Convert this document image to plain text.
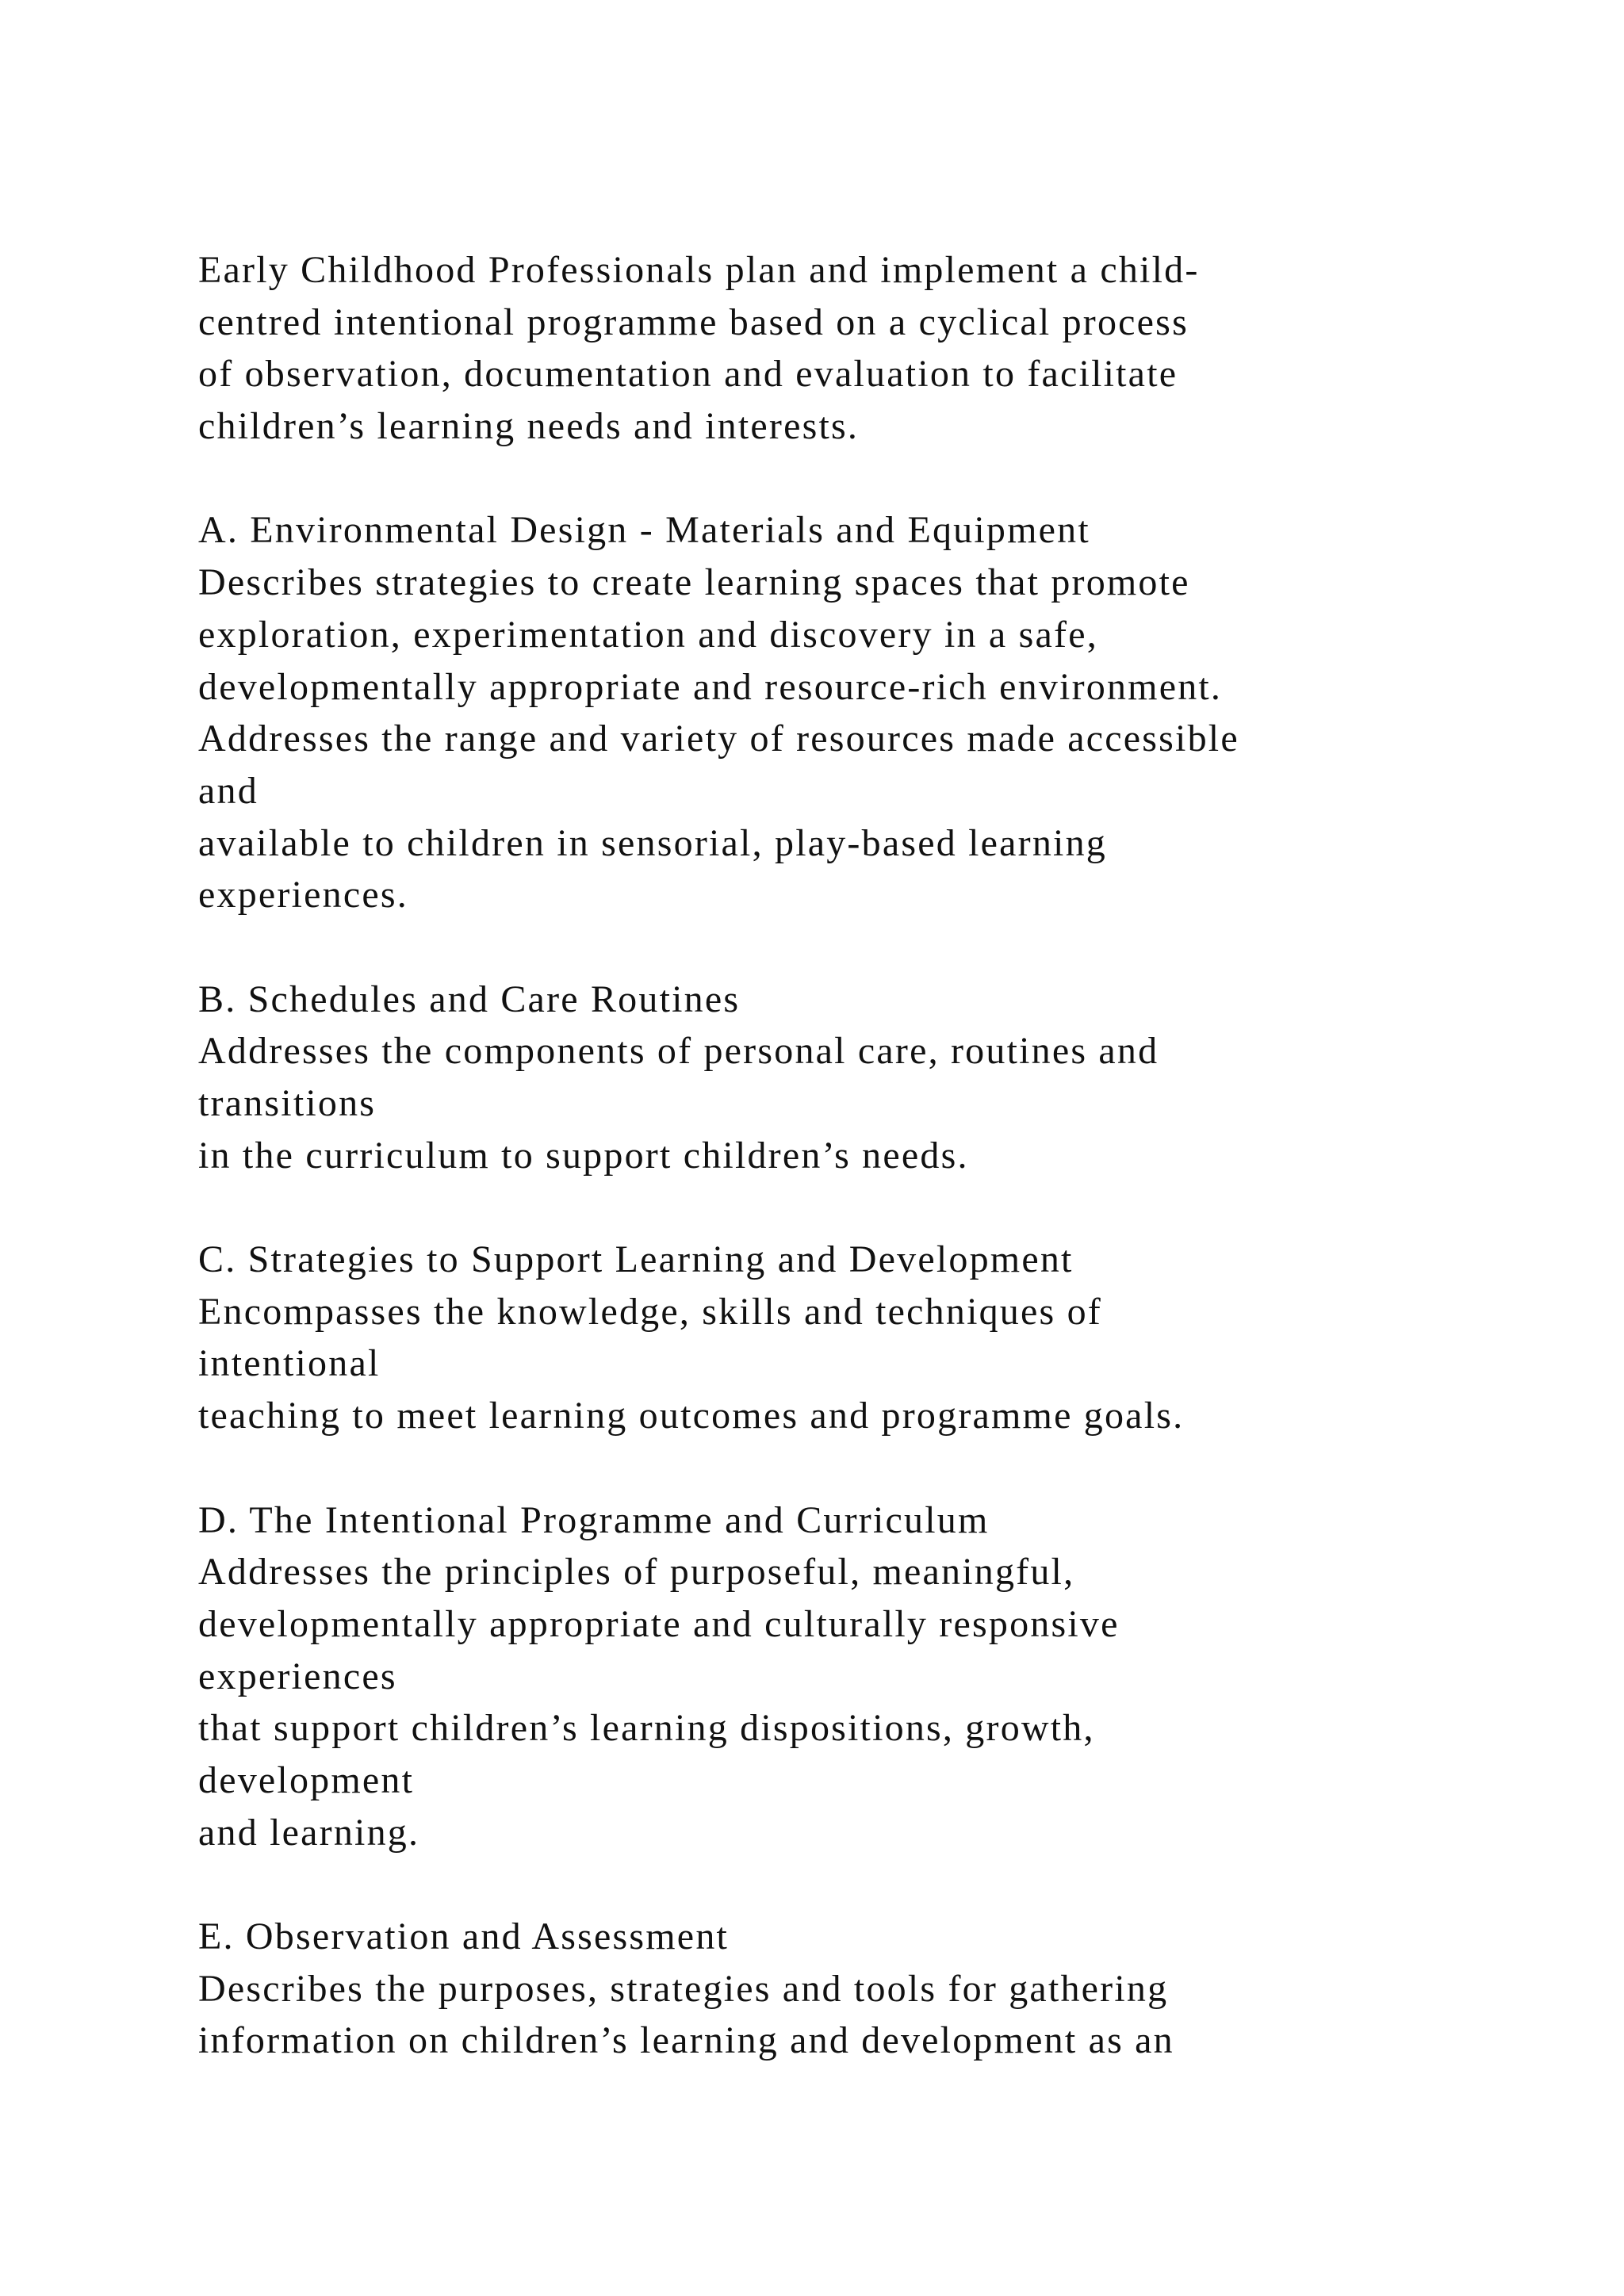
Early Childhood Professionals plan and implement a child-
centred intentional programme based on a cyclical process
of observation, documentation and evaluation to facilitate
children’s learning needs and interests.
A. Environmental Design - Materials and Equipment
Describes strategies to create learning spaces that promote
exploration, experimentation and discovery in a safe,
developmentally appropriate and resource-rich environment.
Addresses the range and variety of resources made accessible
and
available to children in sensorial, play-based learning
experiences.
B. Schedules and Care Routines
Addresses the components of personal care, routines and
transitions
in the curriculum to support children’s needs.
C. Strategies to Support Learning and Development
Encompasses the knowledge, skills and techniques of
intentional
teaching to meet learning outcomes and programme goals.
D. The Intentional Programme and Curriculum
Addresses the principles of purposeful, meaningful,
developmentally appropriate and culturally responsive
experiences
that support children’s learning dispositions, growth,
development
and learning.
E. Observation and Assessment
Describes the purposes, strategies and tools for gathering
information on children’s learning and development as an
